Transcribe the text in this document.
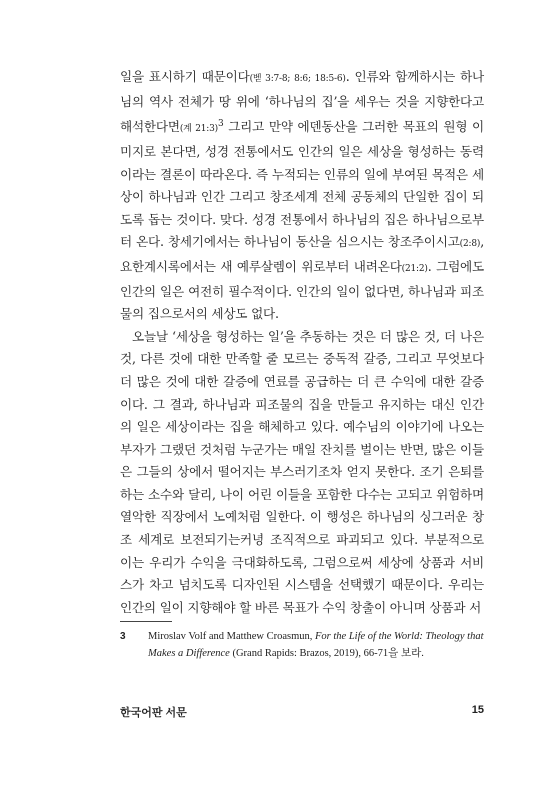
일을 표시하기 때문이다(벧 3:7-8; 8:6; 18:5-6). 인류와 함께하시는 하나님의 역사 전체가 땅 위에 ‘하나님의 집’을 세우는 것을 지향한다고 해석한다면(계 21:3)$^3$ 그리고 만약 에덴동산을 그러한 목표의 원형 이미지로 본다면, 성경 전통에서도 인간의 일은 세상을 형성하는 동력이라는 결론이 따라온다. 즉 누적되는 인류의 일에 부여된 목적은 세상이 하나님과 인간 그리고 창조세계 전체 공동체의 단일한 집이 되도록 돕는 것이다. 맞다. 성경 전통에서 하나님의 집은 하나님으로부터 온다. 창세기에서는 하나님이 동산을 심으시는 창조주이시고(2:8), 요한계시록에서는 새 예루살렘이 위로부터 내려온다(21:2). 그럼에도 인간의 일은 여전히 필수적이다. 인간의 일이 없다면, 하나님과 피조물의 집으로서의 세상도 없다.

오늘날 ‘세상을 형성하는 일’을 추동하는 것은 더 많은 것, 더 나은 것, 다른 것에 대한 만족할 줄 모르는 중독적 갈증, 그리고 무엇보다 더 많은 것에 대한 갈증에 연료를 공급하는 더 큰 수익에 대한 갈증이다. 그 결과, 하나님과 피조물의 집을 만들고 유지하는 대신 인간의 일은 세상이라는 집을 해체하고 있다. 예수님의 이야기에 나오는 부자가 그랬던 것처럼 누군가는 매일 잔치를 벌이는 반면, 많은 이들은 그들의 상에서 떨어지는 부스러기조차 얻지 못한다. 조기 은퇴를 하는 소수와 달리, 나이 어린 이들을 포함한 다수는 고되고 위험하며 열악한 직장에서 노예처럼 일한다. 이 행성은 하나님의 싱그러운 창조 세계로 보전되기는커녕 조직적으로 파괴되고 있다. 부분적으로 이는 우리가 수익을 극대화하도록, 그럼으로써 세상에 상품과 서비스가 차고 넘치도록 디자인된 시스템을 선택했기 때문이다. 우리는 인간의 일이 지향해야 할 바른 목표가 수익 창출이 아니며 상품과 서

3 Miroslav Volf and Matthew Croasmun, For the Life of the World: Theology that Makes a Difference (Grand Rapids: Brazos, 2019), 66-71을 보라.
한국어판 서문	15
